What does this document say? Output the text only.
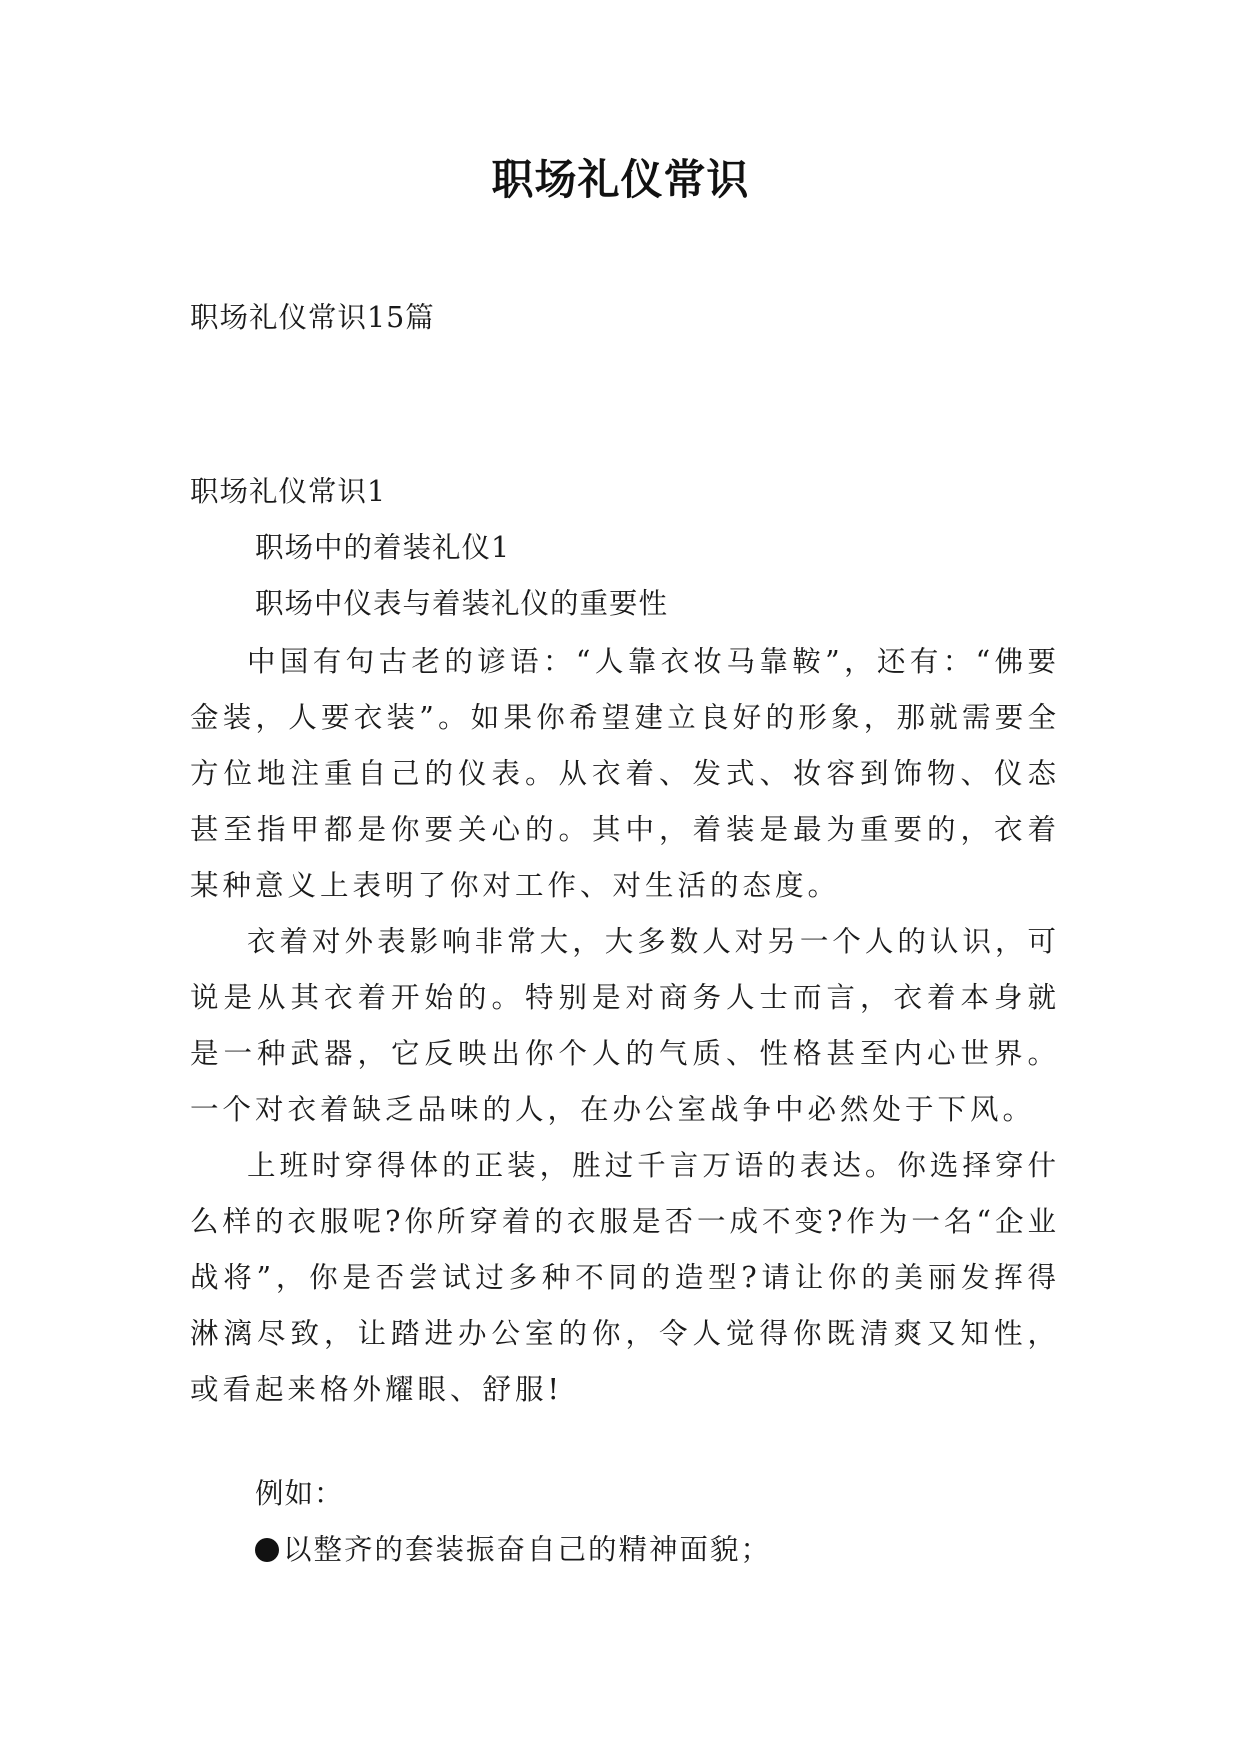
职场礼仪常识
职场礼仪常识15篇
职场礼仪常识1
职场中的着装礼仪1
职场中仪表与着装礼仪的重要性
中国有句古老的谚语：“人靠衣妆马靠鞍”，还有：“佛要金装，人要衣装”。如果你希望建立良好的形象，那就需要全方位地注重自己的仪表。从衣着、发式、妆容到饰物、仪态甚至指甲都是你要关心的。其中，着装是最为重要的，衣着某种意义上表明了你对工作、对生活的态度。
衣着对外表影响非常大，大多数人对另一个人的认识，可说是从其衣着开始的。特别是对商务人士而言，衣着本身就是一种武器，它反映出你个人的气质、性格甚至内心世界。一个对衣着缺乏品味的人，在办公室战争中必然处于下风。
上班时穿得体的正装，胜过千言万语的表达。你选择穿什么样的衣服呢?你所穿着的衣服是否一成不变?作为一名“企业战将”，你是否尝试过多种不同的造型?请让你的美丽发挥得淋漓尽致，让踏进办公室的你，令人觉得你既清爽又知性，或看起来格外耀眼、舒服!
例如：
以整齐的套装振奋自己的精神面貌；
